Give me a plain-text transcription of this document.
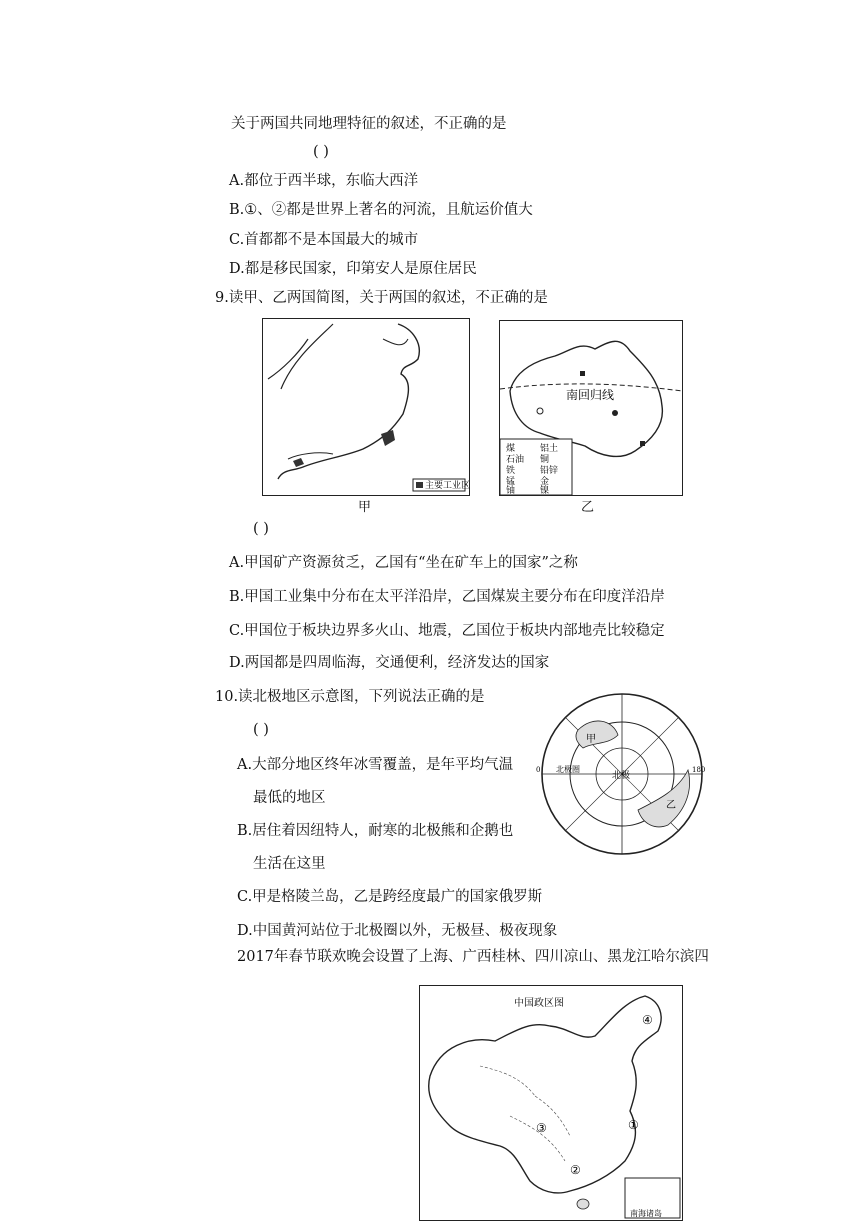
关于两国共同地理特征的叙述，不正确的是
( )
A.都位于西半球，东临大西洋
B.①、②都是世界上著名的河流，且航运价值大
C.首都都不是本国最大的城市
D.都是移民国家，印第安人是原住居民
9.读甲、乙两国简图，关于两国的叙述，不正确的是
主要工业区
甲
南回归线
煤	铝土
石油 铜
铁	铅锌
锰	金
铀	镍
乙
( )
A.甲国矿产资源贫乏，乙国有“坐在矿车上的国家”之称
B.甲国工业集中分布在太平洋沿岸，乙国煤炭主要分布在印度洋沿岸
C.甲国位于板块边界多火山、地震，乙国位于板块内部地壳比较稳定
D.两国都是四周临海，交通便利，经济发达的国家
10.读北极地区示意图，下列说法正确的是
( )
A.大部分地区终年冰雪覆盖，是年平均气温
最低的地区
B.居住着因纽特人，耐寒的北极熊和企鹅也
生活在这里
C.甲是格陵兰岛，乙是跨经度最广的国家俄罗斯
D.中国黄河站位于北极圈以外，无极昼、极夜现象
甲
乙
北极
北极圈
0	180
2017年春节联欢晚会设置了上海、广西桂林、四川凉山、黑龙江哈尔滨四
中国政区图
④
①
③
②
南海诸岛
